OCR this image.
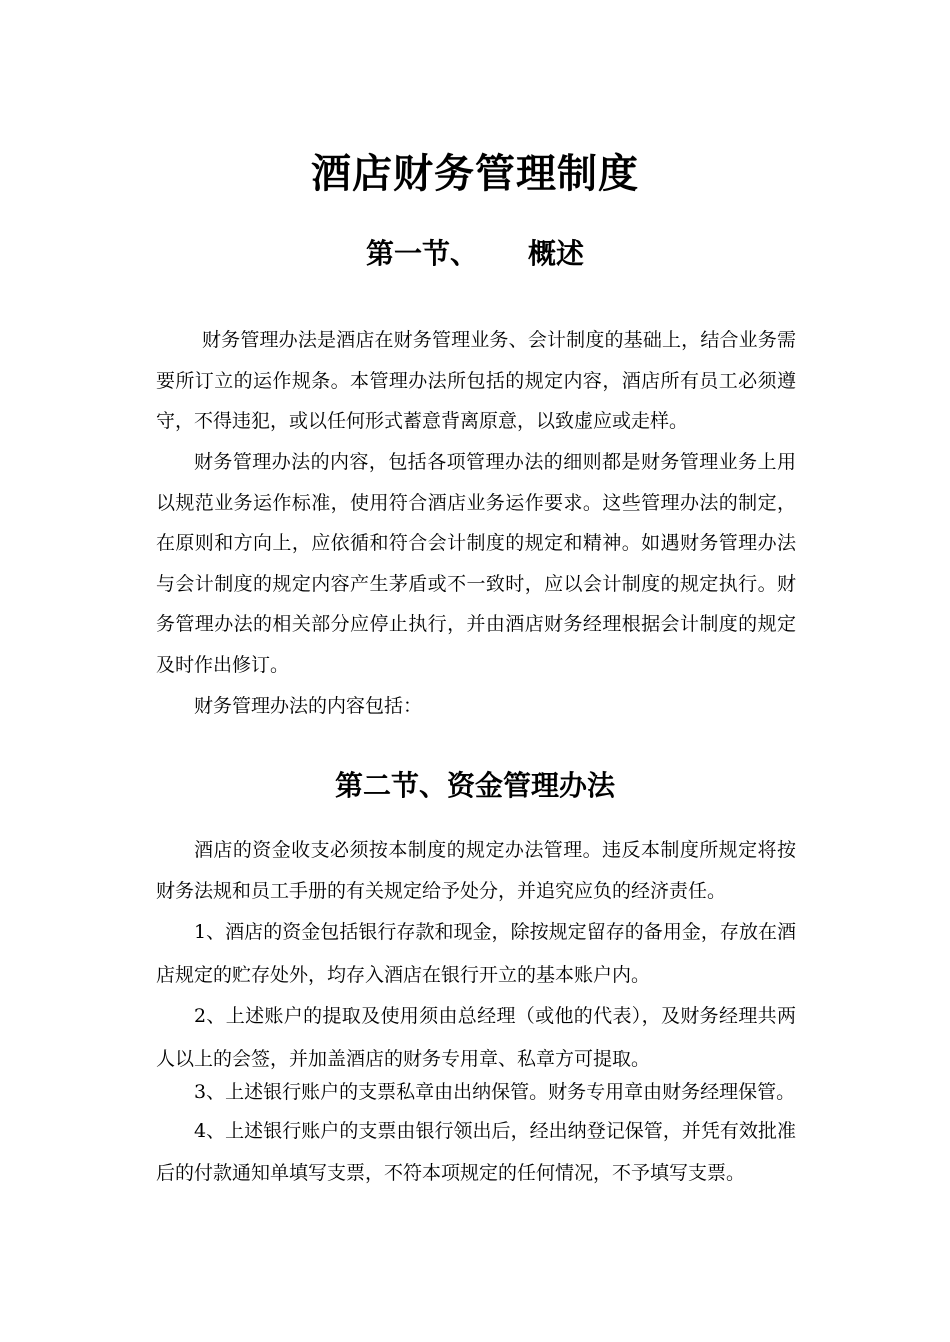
酒店财务管理制度
第一节、 概述

财务管理办法是酒店在财务管理业务、会计制度的基础上，结合业务需要所订立的运作规条。本管理办法所包括的规定内容，酒店所有员工必须遵守，不得违犯，或以任何形式蓄意背离原意，以致虚应或走样。

财务管理办法的内容，包括各项管理办法的细则都是财务管理业务上用以规范业务运作标准，使用符合酒店业务运作要求。这些管理办法的制定，在原则和方向上，应依循和符合会计制度的规定和精神。如遇财务管理办法与会计制度的规定内容产生茅盾或不一致时，应以会计制度的规定执行。财务管理办法的相关部分应停止执行，并由酒店财务经理根据会计制度的规定及时作出修订。

财务管理办法的内容包括：

第二节、资金管理办法

酒店的资金收支必须按本制度的规定办法管理。违反本制度所规定将按财务法规和员工手册的有关规定给予处分，并追究应负的经济责任。

1、酒店的资金包括银行存款和现金，除按规定留存的备用金，存放在酒店规定的贮存处外，均存入酒店在银行开立的基本账户内。

2、上述账户的提取及使用须由总经理（或他的代表），及财务经理共两人以上的会签，并加盖酒店的财务专用章、私章方可提取。

3、上述银行账户的支票私章由出纳保管。财务专用章由财务经理保管。

4、上述银行账户的支票由银行领出后，经出纳登记保管，并凭有效批准后的付款通知单填写支票，不符本项规定的任何情况，不予填写支票。
